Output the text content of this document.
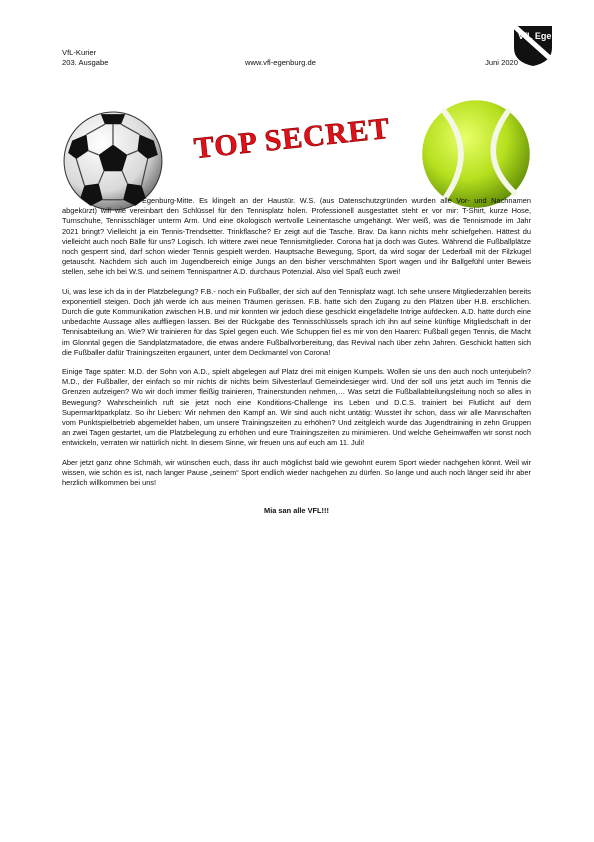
VfL-Kurier
203. Ausgabe	www.vfl-egenburg.de	Juni 2020
VfL Egenburg
TOP SECRET

Egenburg-Mitte. Es klingelt an der Haustür. W.S. (aus Datenschutzgründen wurden alle Vor- und Nachnamen abgekürzt) will wie vereinbart den Schlüssel für den Tennisplatz holen. Professionell ausgestattet steht er vor mir: T-Shirt, kurze Hose, Turnschuhe, Tennisschläger unterm Arm. Und eine ökologisch wertvolle Leinentasche umgehängt. Wer weiß, was die Tennismode im Jahr 2021 bringt? Vielleicht ja ein Tennis-Trendsetter. Trinkflasche? Er zeigt auf die Tasche. Brav. Da kann nichts mehr schiefgehen. Hättest du vielleicht auch noch Bälle für uns? Logisch. Ich wittere zwei neue Tennismitglieder. Corona hat ja doch was Gutes. Während die Fußballplätze noch gesperrt sind, darf schon wieder Tennis gespielt werden. Hauptsache Bewegung, Sport, da wird sogar der Lederball mit der Filzkugel getauscht. Nachdem sich auch im Jugendbereich einige Jungs an den bisher verschmähten Sport wagen und ihr Ballgefühl unter Beweis stellen, sehe ich bei W.S. und seinem Tennispartner A.D. durchaus Potenzial. Also viel Spaß euch zwei!

Ui, was lese ich da in der Platzbelegung? F.B.- noch ein Fußballer, der sich auf den Tennisplatz wagt. Ich sehe unsere Mitgliederzahlen bereits exponentiell steigen. Doch jäh werde ich aus meinen Träumen gerissen. F.B. hatte sich den Zugang zu den Plätzen über H.B. erschlichen. Durch die gute Kommunikation zwischen H.B. und mir konnten wir jedoch diese geschickt eingefädelte Intrige aufdecken. A.D. hatte durch eine unbedachte Aussage alles auffliegen lassen. Bei der Rückgabe des Tennisschlüssels sprach ich ihn auf seine künftige Mitgliedschaft in der Tennisabteilung an. Wie? Wir trainieren für das Spiel gegen euch. Wie Schuppen fiel es mir von den Haaren: Fußball gegen Tennis, die Macht im Glonntal gegen die Sandplatzmatadore, die etwas andere Fußballvorbereitung, das Revival nach über zehn Jahren. Geschickt hatten sich die Fußballer dafür Trainingszeiten ergaunert, unter dem Deckmantel von Corona!

Einige Tage später: M.D. der Sohn von A.D., spielt abgelegen auf Platz drei mit einigen Kumpels. Wollen sie uns den auch noch unterjubeln? M.D., der Fußballer, der einfach so mir nichts dir nichts beim Silvesterlauf Gemeindesieger wird. Und der soll uns jetzt auch im Tennis die Grenzen aufzeigen? Wo wir doch immer fleißig trainieren, Trainerstunden nehmen,… Was setzt die Fußballabteilungsleitung noch so alles in Bewegung? Wahrscheinlich ruft sie jetzt noch eine Konditions-Challenge ins Leben und D.C.S. trainiert bei Flutlicht auf dem Supermarktparkplatz. So ihr Lieben: Wir nehmen den Kampf an. Wir sind auch nicht untätig: Wusstet ihr schon, dass wir alle Mannschaften vom Punktspielbetrieb abgemeldet haben, um unsere Trainingszeiten zu erhöhen? Und zeitgleich wurde das Jugendtraining in zehn Gruppen an zwei Tagen gestartet, um die Platzbelegung zu erhöhen und eure Trainingszeiten zu minimieren. Und welche Geheimwaffen wir sonst noch entwickeln, verraten wir natürlich nicht. In diesem Sinne, wir freuen uns auf euch am 11. Juli!

Aber jetzt ganz ohne Schmäh, wir wünschen euch, dass ihr auch möglichst bald wie gewohnt eurem Sport wieder nachgehen könnt. Weil wir wissen, wie schön es ist, nach langer Pause „seinem“ Sport endlich wieder nachgehen zu dürfen. So lange und auch noch länger seid ihr aber herzlich willkommen bei uns!

Mia san alle VFL!!!
